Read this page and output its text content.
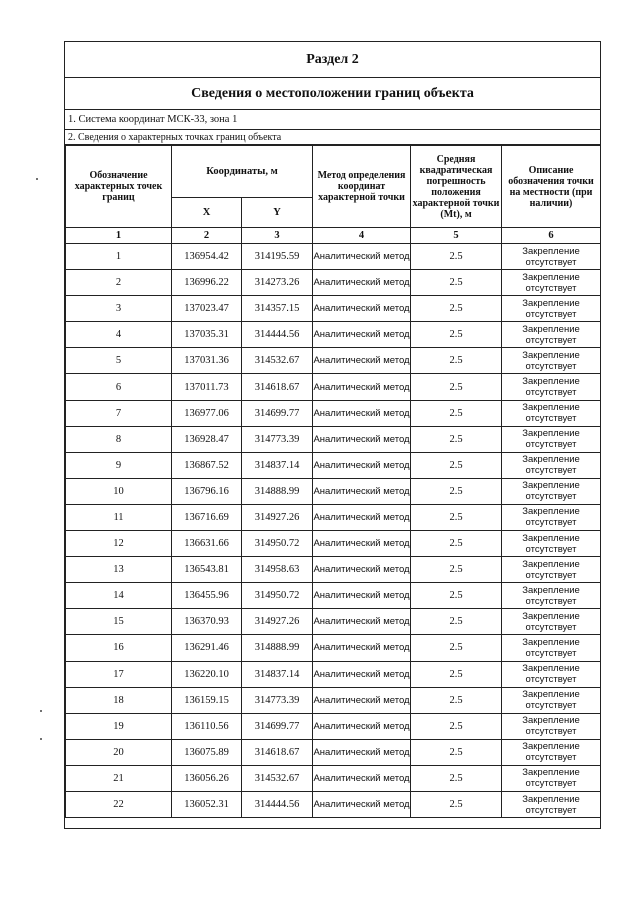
Раздел 2
Сведения о местоположении границ объекта
1. Система координат МСК-33, зона 1
2. Сведения о характерных точках границ объекта
Обозначение характерных точек границ	Координаты, м		Метод определения координат характерной точки	Средняя квадратическая погрешность положения характерной точки (Mt), м	Описание обозначения точки на местности (при наличии)
	X	Y			
1	2	3	4	5	6
1	136954.42	314195.59	Аналитический метод	2.5	Закрепление отсутствует
2	136996.22	314273.26	Аналитический метод	2.5	Закрепление отсутствует
3	137023.47	314357.15	Аналитический метод	2.5	Закрепление отсутствует
4	137035.31	314444.56	Аналитический метод	2.5	Закрепление отсутствует
5	137031.36	314532.67	Аналитический метод	2.5	Закрепление отсутствует
6	137011.73	314618.67	Аналитический метод	2.5	Закрепление отсутствует
7	136977.06	314699.77	Аналитический метод	2.5	Закрепление отсутствует
8	136928.47	314773.39	Аналитический метод	2.5	Закрепление отсутствует
9	136867.52	314837.14	Аналитический метод	2.5	Закрепление отсутствует
10	136796.16	314888.99	Аналитический метод	2.5	Закрепление отсутствует
11	136716.69	314927.26	Аналитический метод	2.5	Закрепление отсутствует
12	136631.66	314950.72	Аналитический метод	2.5	Закрепление отсутствует
13	136543.81	314958.63	Аналитический метод	2.5	Закрепление отсутствует
14	136455.96	314950.72	Аналитический метод	2.5	Закрепление отсутствует
15	136370.93	314927.26	Аналитический метод	2.5	Закрепление отсутствует
16	136291.46	314888.99	Аналитический метод	2.5	Закрепление отсутствует
17	136220.10	314837.14	Аналитический метод	2.5	Закрепление отсутствует
18	136159.15	314773.39	Аналитический метод	2.5	Закрепление отсутствует
19	136110.56	314699.77	Аналитический метод	2.5	Закрепление отсутствует
20	136075.89	314618.67	Аналитический метод	2.5	Закрепление отсутствует
21	136056.26	314532.67	Аналитический метод	2.5	Закрепление отсутствует
22	136052.31	314444.56	Аналитический метод	2.5	Закрепление отсутствует
